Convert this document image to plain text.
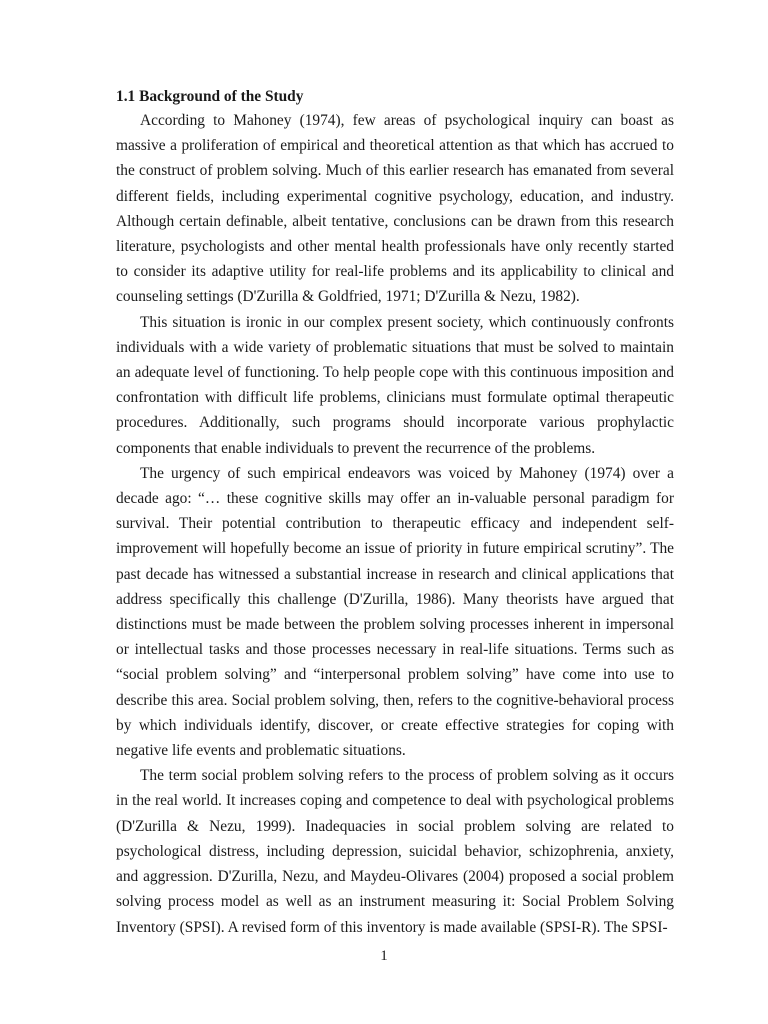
1.1 Background of the Study

According to Mahoney (1974), few areas of psychological inquiry can boast as massive a proliferation of empirical and theoretical attention as that which has accrued to the construct of problem solving. Much of this earlier research has emanated from several different fields, including experimental cognitive psychology, education, and industry. Although certain definable, albeit tentative, conclusions can be drawn from this research literature, psychologists and other mental health professionals have only recently started to consider its adaptive utility for real-life problems and its applicability to clinical and counseling settings (D'Zurilla & Goldfried, 1971; D'Zurilla & Nezu, 1982).

This situation is ironic in our complex present society, which continuously confronts individuals with a wide variety of problematic situations that must be solved to maintain an adequate level of functioning. To help people cope with this continuous imposition and confrontation with difficult life problems, clinicians must formulate optimal therapeutic procedures. Additionally, such programs should incorporate various prophylactic components that enable individuals to prevent the recurrence of the problems.

The urgency of such empirical endeavors was voiced by Mahoney (1974) over a decade ago: “… these cognitive skills may offer an in-valuable personal paradigm for survival. Their potential contribution to therapeutic efficacy and independent self-improvement will hopefully become an issue of priority in future empirical scrutiny”. The past decade has witnessed a substantial increase in research and clinical applications that address specifically this challenge (D'Zurilla, 1986). Many theorists have argued that distinctions must be made between the problem solving processes inherent in impersonal or intellectual tasks and those processes necessary in real-life situations. Terms such as “social problem solving” and “interpersonal problem solving” have come into use to describe this area. Social problem solving, then, refers to the cognitive-behavioral process by which individuals identify, discover, or create effective strategies for coping with negative life events and problematic situations.

The term social problem solving refers to the process of problem solving as it occurs in the real world. It increases coping and competence to deal with psychological problems (D'Zurilla & Nezu, 1999). Inadequacies in social problem solving are related to psychological distress, including depression, suicidal behavior, schizophrenia, anxiety, and aggression. D'Zurilla, Nezu, and Maydeu-Olivares (2004) proposed a social problem solving process model as well as an instrument measuring it: Social Problem Solving Inventory (SPSI). A revised form of this inventory is made available (SPSI-R). The SPSI-

1
